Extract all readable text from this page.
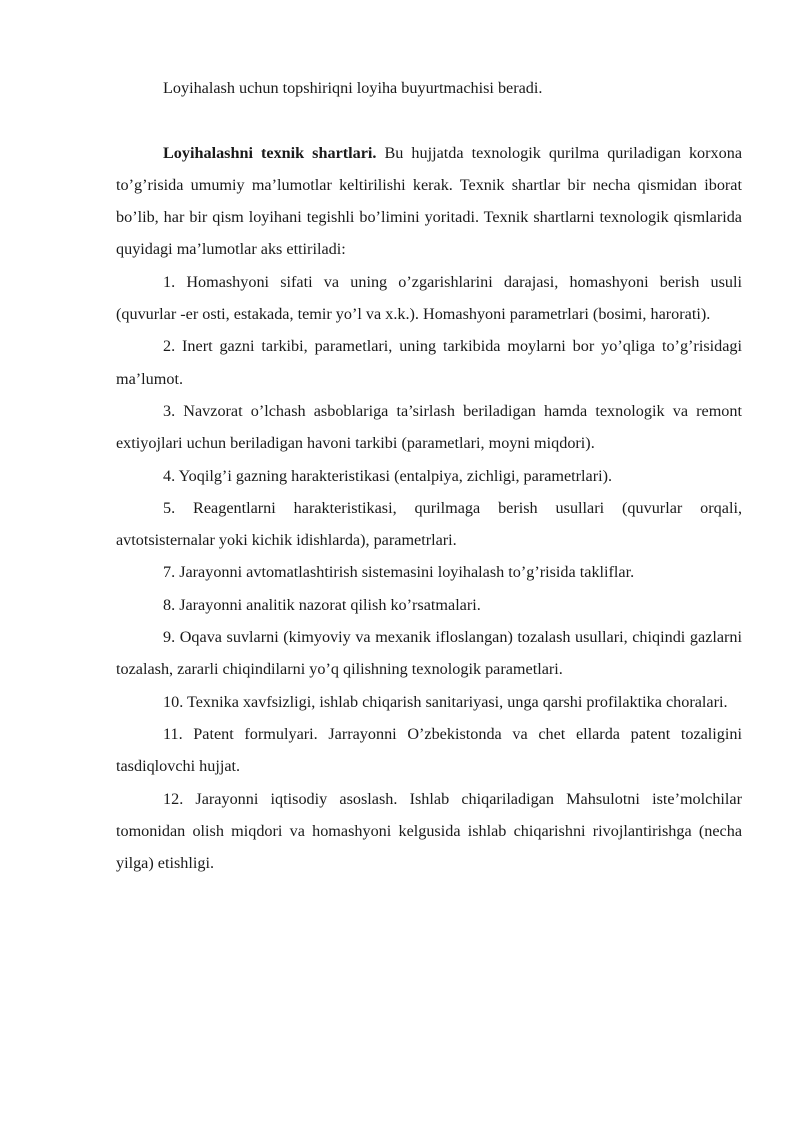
Loyihalash uchun topshiriqni loyiha buyurtmachisi beradi.

Loyihalashni texnik shartlari. Bu hujjatda texnologik qurilma quriladigan korxona to’g’risida umumiy ma’lumotlar keltirilishi kerak. Texnik shartlar bir necha qismidan iborat bo’lib, har bir qism loyihani tegishli bo’limini yoritadi. Texnik shartlarni texnologik qismlarida quyidagi ma’lumotlar aks ettiriladi:

1. Homashyoni sifati va uning o’zgarishlarini darajasi, homashyoni berish usuli (quvurlar -er osti, estakada, temir yo’l va x.k.). Homashyoni parametrlari (bosimi, harorati).

2. Inert gazni tarkibi, parametlari, uning tarkibida moylarni bor yo’qliga to’g’risidagi ma’lumot.

3. Navzorat o’lchash asboblariga ta’sirlash beriladigan hamda texnologik va remont extiyojlari uchun beriladigan havoni tarkibi (parametlari, moyni miqdori).

4. Yoqilg’i gazning harakteristikasi (entalpiya, zichligi, parametrlari).

5. Reagentlarni harakteristikasi, qurilmaga berish usullari (quvurlar orqali, avtotsisternalar yoki kichik idishlarda), parametrlari.

7. Jarayonni avtomatlashtirish sistemasini loyihalash to’g’risida takliflar.

8. Jarayonni analitik nazorat qilish ko’rsatmalari.

9. Oqava suvlarni (kimyoviy va mexanik ifloslangan) tozalash usullari, chiqindi gazlarni tozalash, zararli chiqindilarni yo’q qilishning texnologik parametlari.

10. Texnika xavfsizligi, ishlab chiqarish sanitariyasi, unga qarshi profilaktika choralari.

11. Patent formulyari. Jarrayonni O’zbekistonda va chet ellarda patent tozaligini tasdiqlovchi hujjat.

12. Jarayonni iqtisodiy asoslash. Ishlab chiqariladigan Mahsulotni iste’molchilar tomonidan olish miqdori va homashyoni kelgusida ishlab chiqarishni rivojlantirishga (necha yilga) etishligi.
